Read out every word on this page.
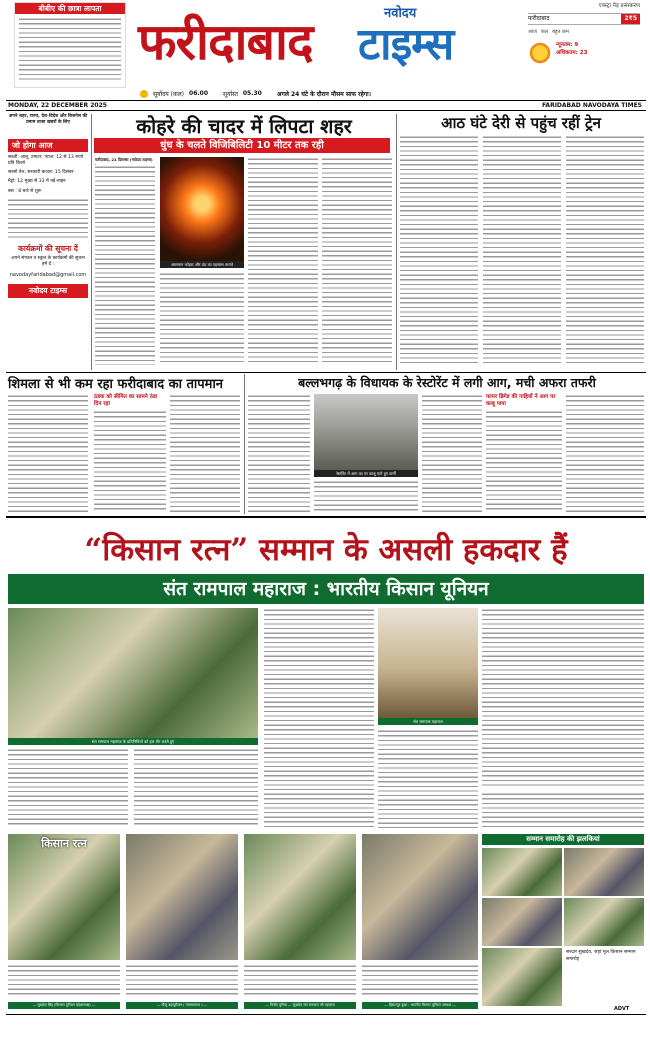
बीबीए की छात्रा लापता
फरीदाबाद	नवोदय
टाइम्स
एक्स्ट्रा पेड़ प्रसंस्करण
फरीदाबाद	2₹5
आज कल बहुत कम
न्यूनतम: 9
अधिकतम: 23
सूर्योदय (कल) 06.00	सूर्यास्त 05.30	अगले 24 घंटे के दौरान मौसम साफ रहेगा।
MONDAY, 22 DECEMBER 2025	FARIDABAD NAVODAYA TIMES
अपने शहर, राज्य, देश-विदेश और बिजनेस की तमाम ताजा खबरों के लिए
जो होगा आज
सब्जी: आलू, टमाटर, प्याज: 12 से 13 रुपये प्रति किलो
सरसों तेल, सरकारी बाजार: 15 दिसंबर
मैट्रो: 12 मुख्य से 33 में नई लाइन
बस : 8 बजे से शुरू
कार्यक्रमों की सूचना दें
अपने संगठन व स्कूल के कार्यक्रमों की सूचना हमें दें :
navodayfaridabad@gmail.com
नवोदय टाइम्स
कोहरे की चादर में लिपटा शहर
धुंध के चलते विजिबिलिटी 10 मीटर तक रही
फरीदाबाद, 21 दिसम्बर (नवोदय टाइम्स)
आसमान कोहरा और ठंड का एहसास कराते
आठ घंटे देरी से पहुंच रहीं ट्रेन
शिमला से भी कम रहा फरीदाबाद का तापमान
ठंडक को सीमित का सामने ठंडा दिन रहा
बल्लभगढ़ के विधायक के रेस्टोरेंट में लगी आग, मची अफरा तफरी
रेस्टोरेंट में आग का पर काबू पाते हुए कर्मी
फायर ब्रिगेड की गाड़ियों ने आग पर काबू पाया
“किसान रत्न” सम्मान के असली हकदार हैं
संत रामपाल महाराज : भारतीय किसान यूनियन
संत रामपाल महाराज के प्रतिनिधियों को हल भेंट करते हुए
संत रामपाल महाराज
किसान रत्न
— सुखदेव सिंह (किसान यूनियन प्रदेशाध्यक्ष) —	— मौजू बहादुरीयार ( पंचायतराज ) —	— विनोद पुनिया — सुखदेव संत रामपाल जी महाराज	— हिसारपुर बुआ : भारतीय किसान यूनियन अध्यक्ष —
सम्मान समारोह की झलकियां
सरदार सुखदेव, जहां मूल किसान सम्मान समारोह
ADVT
